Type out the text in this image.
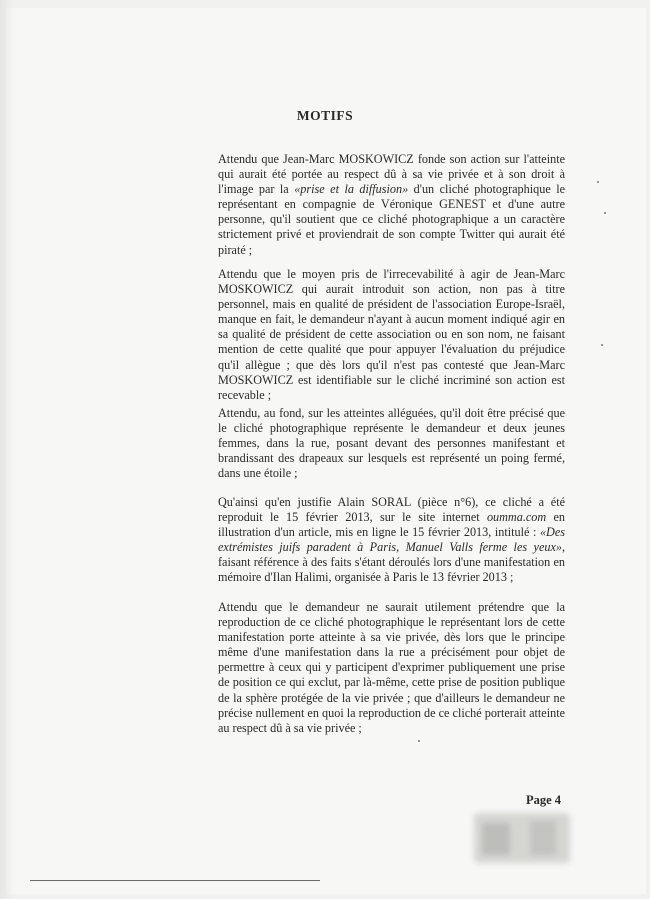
MOTIFS

Attendu que Jean-Marc MOSKOWICZ fonde son action sur l'atteinte qui aurait été portée au respect dû à sa vie privée et à son droit à l'image par la «prise et la diffusion» d'un cliché photographique le représentant en compagnie de Véronique GENEST et d'une autre personne, qu'il soutient que ce cliché photographique a un caractère strictement privé et proviendrait de son compte Twitter qui aurait été piraté ;

Attendu que le moyen pris de l'irrecevabilité à agir de Jean-Marc MOSKOWICZ qui aurait introduit son action, non pas à titre personnel, mais en qualité de président de l'association Europe-Israël, manque en fait, le demandeur n'ayant à aucun moment indiqué agir en sa qualité de président de cette association ou en son nom, ne faisant mention de cette qualité que pour appuyer l'évaluation du préjudice qu'il allègue ; que dès lors qu'il n'est pas contesté que Jean-Marc MOSKOWICZ est identifiable sur le cliché incriminé son action est recevable ;

Attendu, au fond, sur les atteintes alléguées, qu'il doit être précisé que le cliché photographique représente le demandeur et deux jeunes femmes, dans la rue, posant devant des personnes manifestant et brandissant des drapeaux sur lesquels est représenté un poing fermé, dans une étoile ;

Qu'ainsi qu'en justifie Alain SORAL (pièce n°6), ce cliché a été reproduit le 15 février 2013, sur le site internet oumma.com en illustration d'un article, mis en ligne le 15 février 2013, intitulé : «Des extrémistes juifs paradent à Paris, Manuel Valls ferme les yeux», faisant référence à des faits s'étant déroulés lors d'une manifestation en mémoire d'Ilan Halimi, organisée à Paris le 13 février 2013 ;

Attendu que le demandeur ne saurait utilement prétendre que la reproduction de ce cliché photographique le représentant lors de cette manifestation porte atteinte à sa vie privée, dès lors que le principe même d'une manifestation dans la rue a précisément pour objet de permettre à ceux qui y participent d'exprimer publiquement une prise de position ce qui exclut, par là-même, cette prise de position publique de la sphère protégée de la vie privée ; que d'ailleurs le demandeur ne précise nullement en quoi la reproduction de ce cliché porterait atteinte au respect dû à sa vie privée ;

Page 4
